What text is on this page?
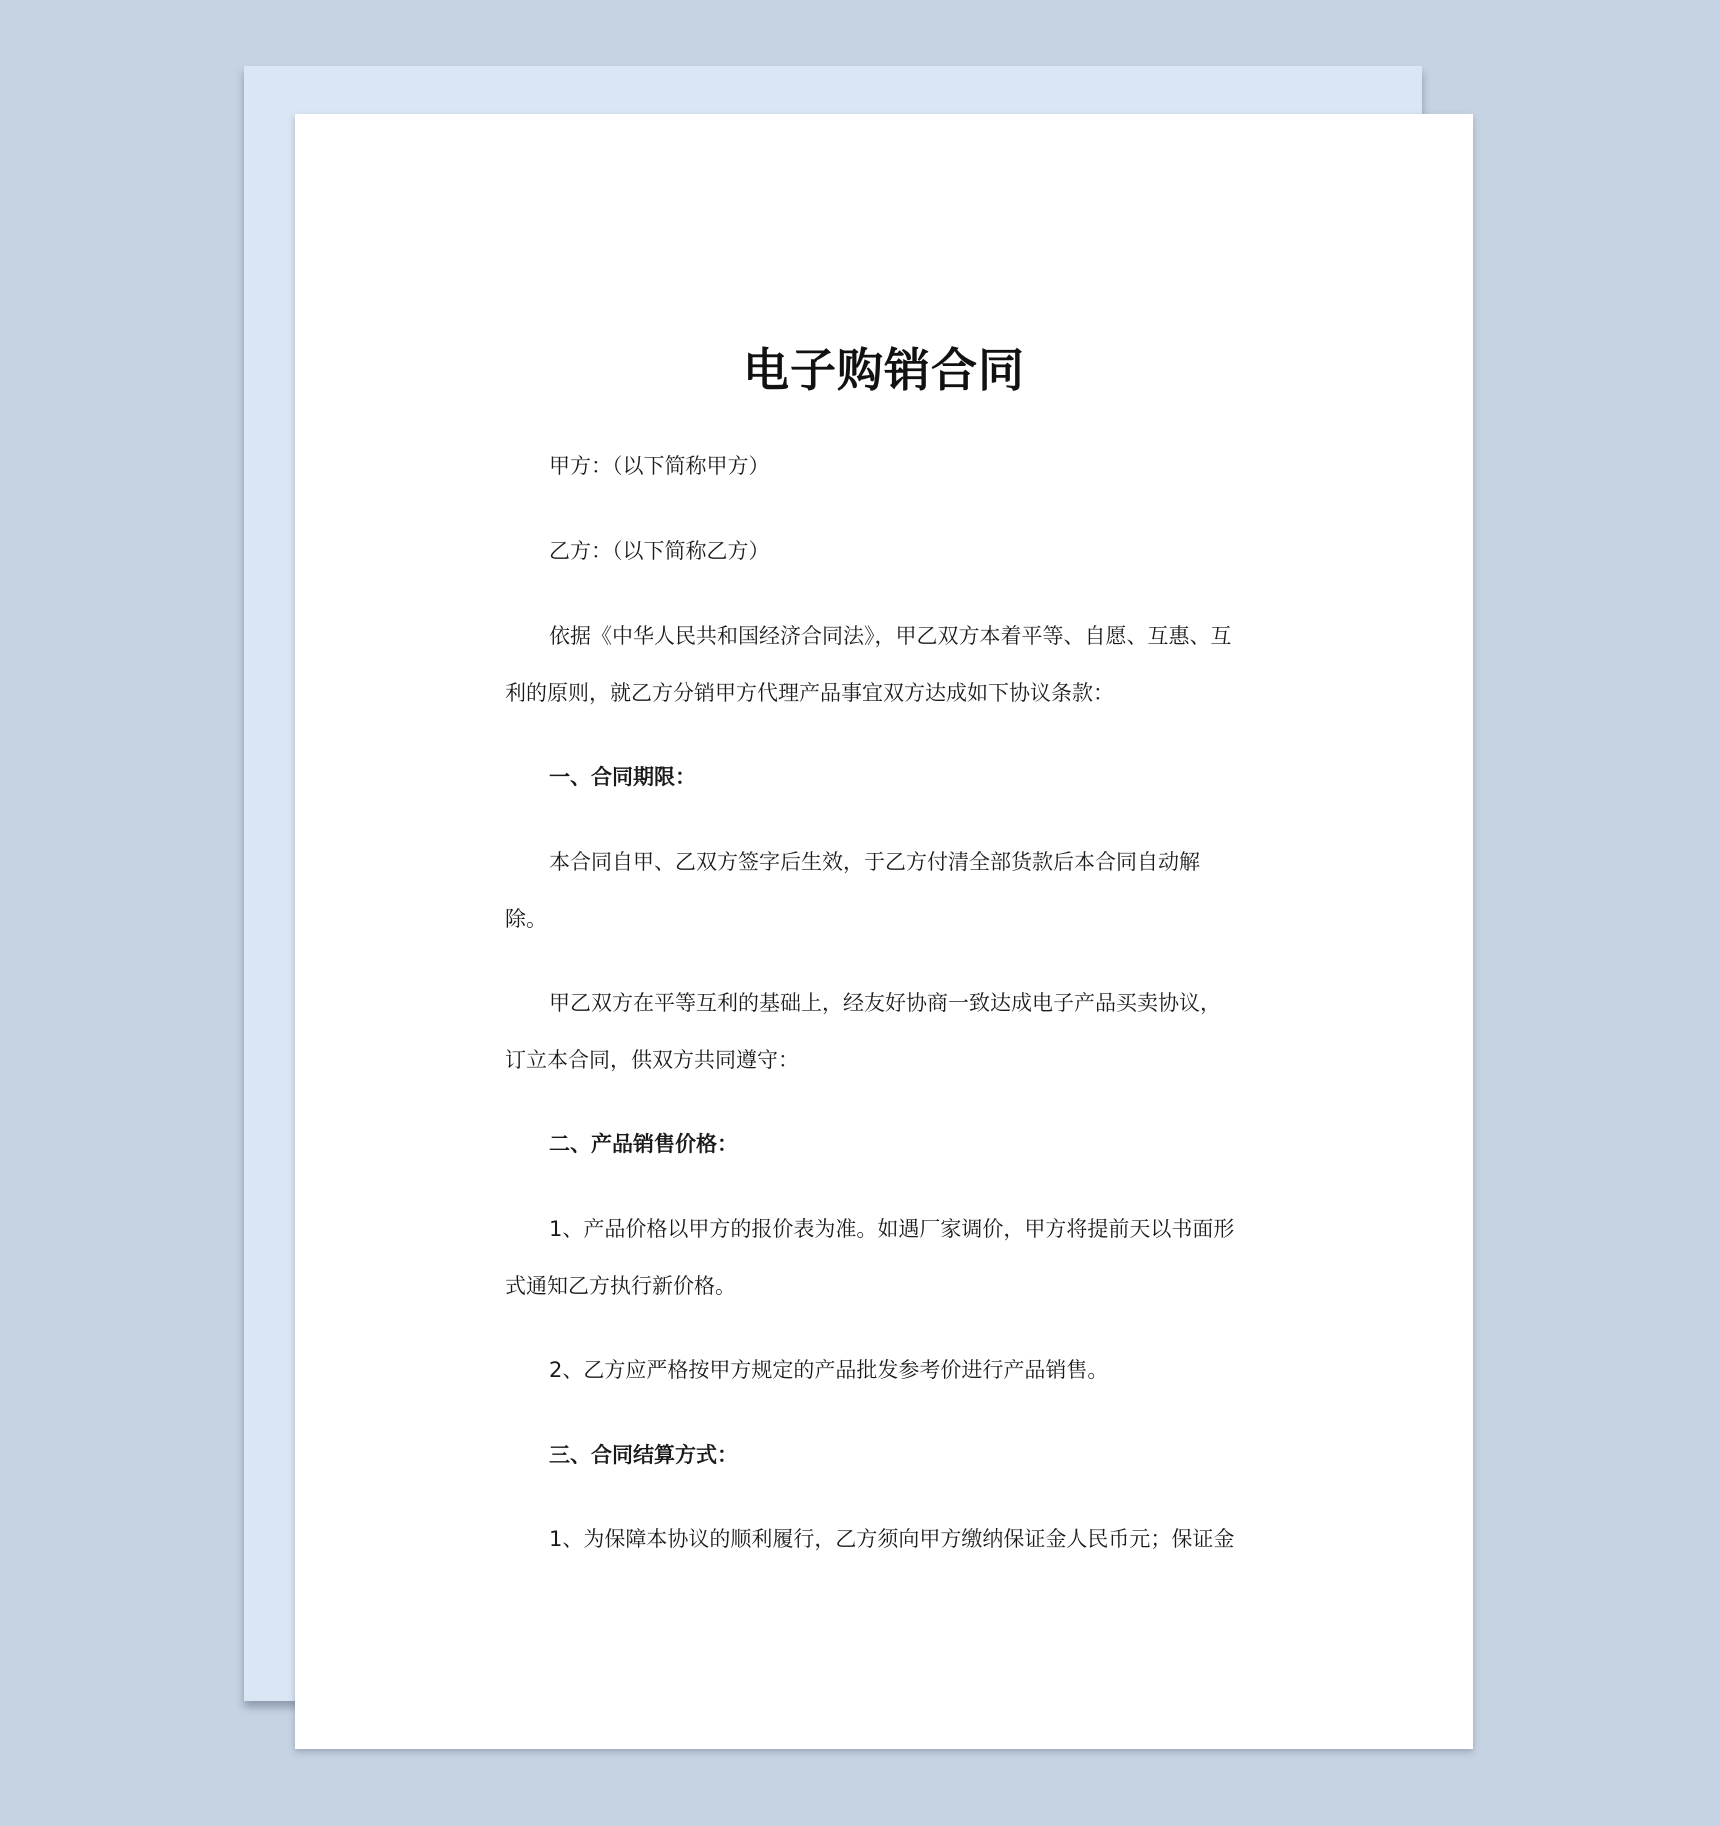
电子购销合同

甲方：（以下简称甲方）

乙方：（以下简称乙方）

依据《中华人民共和国经济合同法》，甲乙双方本着平等、自愿、互惠、互

利的原则，就乙方分销甲方代理产品事宜双方达成如下协议条款：

一、合同期限：

本合同自甲、乙双方签字后生效，于乙方付清全部货款后本合同自动解

除。

甲乙双方在平等互利的基础上，经友好协商一致达成电子产品买卖协议，

订立本合同，供双方共同遵守：

二、产品销售价格：

1、产品价格以甲方的报价表为准。如遇厂家调价，甲方将提前天以书面形

式通知乙方执行新价格。

2、乙方应严格按甲方规定的产品批发参考价进行产品销售。

三、合同结算方式：

1、为保障本协议的顺利履行，乙方须向甲方缴纳保证金人民币元；保证金
